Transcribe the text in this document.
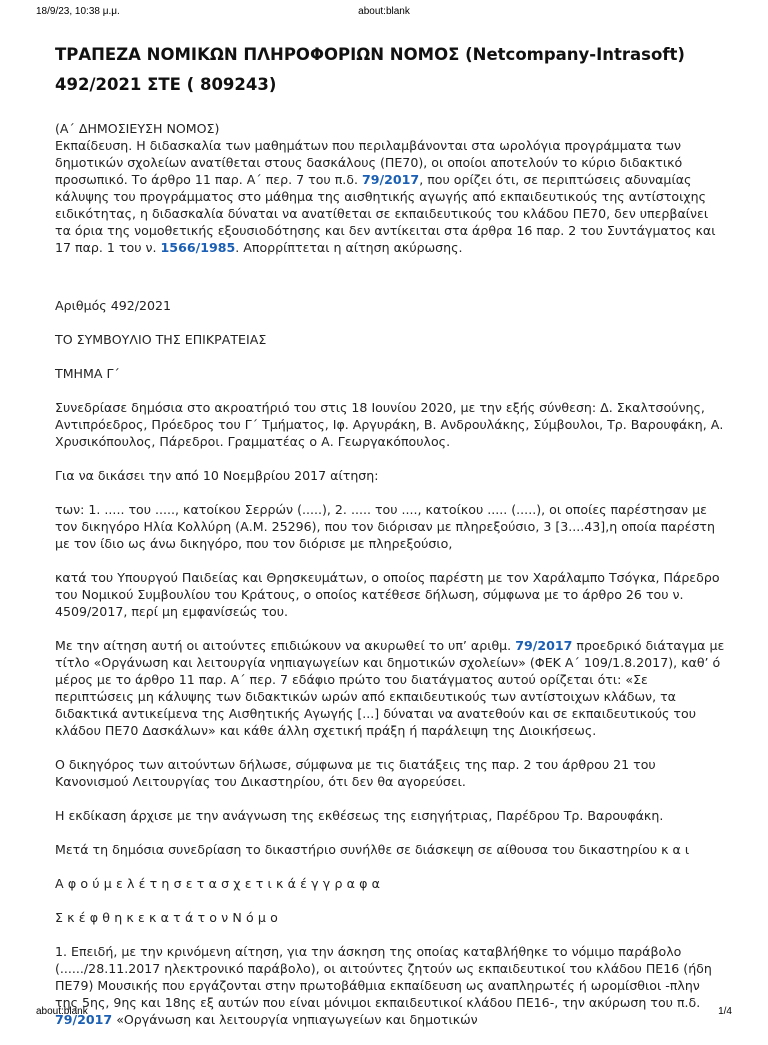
18/9/23, 10:38 μ.μ.	about:blank
ΤΡΑΠΕΖΑ ΝΟΜΙΚΩΝ ΠΛΗΡΟΦΟΡΙΩΝ ΝΟΜΟΣ (Netcompany-Intrasoft)
492/2021 ΣΤΕ ( 809243)
(Α΄ ΔΗΜΟΣΙΕΥΣΗ ΝΟΜΟΣ)

Εκπαίδευση. Η διδασκαλία των μαθημάτων που περιλαμβάνονται στα ωρολόγια προγράμματα των δημοτικών σχολείων ανατίθεται στους δασκάλους (ΠΕ70), οι οποίοι αποτελούν το κύριο διδακτικό προσωπικό. Το άρθρο 11 παρ. Α΄ περ. 7 του π.δ. 79/2017, που ορίζει ότι, σε περιπτώσεις αδυναμίας κάλυψης του προγράμματος στο μάθημα της αισθητικής αγωγής από εκπαιδευτικούς της αντίστοιχης ειδικότητας, η διδασκαλία δύναται να ανατίθεται σε εκπαιδευτικούς του κλάδου ΠΕ70, δεν υπερβαίνει τα όρια της νομοθετικής εξουσιοδότησης και δεν αντίκειται στα άρθρα 16 παρ. 2 του Συντάγματος και 17 παρ. 1 του ν. 1566/1985. Απορρίπτεται η αίτηση ακύρωσης.

Αριθμός 492/2021

ΤΟ ΣΥΜΒΟΥΛΙΟ ΤΗΣ ΕΠΙΚΡΑΤΕΙΑΣ

ΤΜΗΜΑ Γ΄

Συνεδρίασε δημόσια στο ακροατήριό του στις 18 Ιουνίου 2020, με την εξής σύνθεση: Δ. Σκαλτσούνης, Αντιπρόεδρος, Πρόεδρος του Γ΄ Τμήματος, Ιφ. Αργυράκη, Β. Ανδρουλάκης, Σύμβουλοι, Τρ. Βαρουφάκη, Α. Χρυσικόπουλος, Πάρεδροι. Γραμματέας ο Α. Γεωργακόπουλος.

Για να δικάσει την από 10 Νοεμβρίου 2017 αίτηση:

των: 1. ..... του ....., κατοίκου Σερρών (.....), 2. ..... του ...., κατοίκου ..... (.....), οι οποίες παρέστησαν με τον δικηγόρο Ηλία Κολλύρη (Α.Μ. 25296), που τον διόρισαν με πληρεξούσιο, 3 [3....43],η οποία παρέστη με τον ίδιο ως άνω δικηγόρο, που τον διόρισε με πληρεξούσιο,

κατά του Υπουργού Παιδείας και Θρησκευμάτων, ο οποίος παρέστη με τον Χαράλαμπο Τσόγκα, Πάρεδρο του Νομικού Συμβουλίου του Κράτους, ο οποίος κατέθεσε δήλωση, σύμφωνα με το άρθρο 26 του ν. 4509/2017, περί μη εμφανίσεώς του.

Με την αίτηση αυτή οι αιτούντες επιδιώκουν να ακυρωθεί το υπ’ αριθμ. 79/2017 προεδρικό διάταγμα με τίτλο «Οργάνωση και λειτουργία νηπιαγωγείων και δημοτικών σχολείων» (ΦΕΚ Α΄ 109/1.8.2017), καθ’ ό μέρος με το άρθρο 11 παρ. Α΄ περ. 7 εδάφιο πρώτο του διατάγματος αυτού ορίζεται ότι: «Σε περιπτώσεις μη κάλυψης των διδακτικών ωρών από εκπαιδευτικούς των αντίστοιχων κλάδων, τα διδακτικά αντικείμενα της Αισθητικής Αγωγής [...] δύναται να ανατεθούν και σε εκπαιδευτικούς του κλάδου ΠΕ70 Δασκάλων» και κάθε άλλη σχετική πράξη ή παράλειψη της Διοικήσεως.

Ο δικηγόρος των αιτούντων δήλωσε, σύμφωνα με τις διατάξεις της παρ. 2 του άρθρου 21 του Κανονισμού Λειτουργίας του Δικαστηρίου, ότι δεν θα αγορεύσει.

Η εκδίκαση άρχισε με την ανάγνωση της εκθέσεως της εισηγήτριας, Παρέδρου Τρ. Βαρουφάκη.

Μετά τη δημόσια συνεδρίαση το δικαστήριο συνήλθε σε διάσκεψη σε αίθουσα του δικαστηρίου κ α ι

Α φ ο ύ μ ε λ έ τ η σ ε τ α σ χ ε τ ι κ ά έ γ γ ρ α φ α

Σ κ έ φ θ η κ ε κ α τ ά τ ο ν Ν ό μ ο

1. Επειδή, με την κρινόμενη αίτηση, για την άσκηση της οποίας καταβλήθηκε το νόμιμο παράβολο (....../28.11.2017 ηλεκτρονικό παράβολο), οι αιτούντες ζητούν ως εκπαιδευτικοί του κλάδου ΠΕ16 (ήδη ΠΕ79) Μουσικής που εργάζονται στην πρωτοβάθμια εκπαίδευση ως αναπληρωτές ή ωρομίσθιοι -πλην της 5ης, 9ης και 18ης εξ αυτών που είναι μόνιμοι εκπαιδευτικοί κλάδου ΠΕ16-, την ακύρωση του π.δ. 79/2017 «Οργάνωση και λειτουργία νηπιαγωγείων και δημοτικών

about:blank	1/4
